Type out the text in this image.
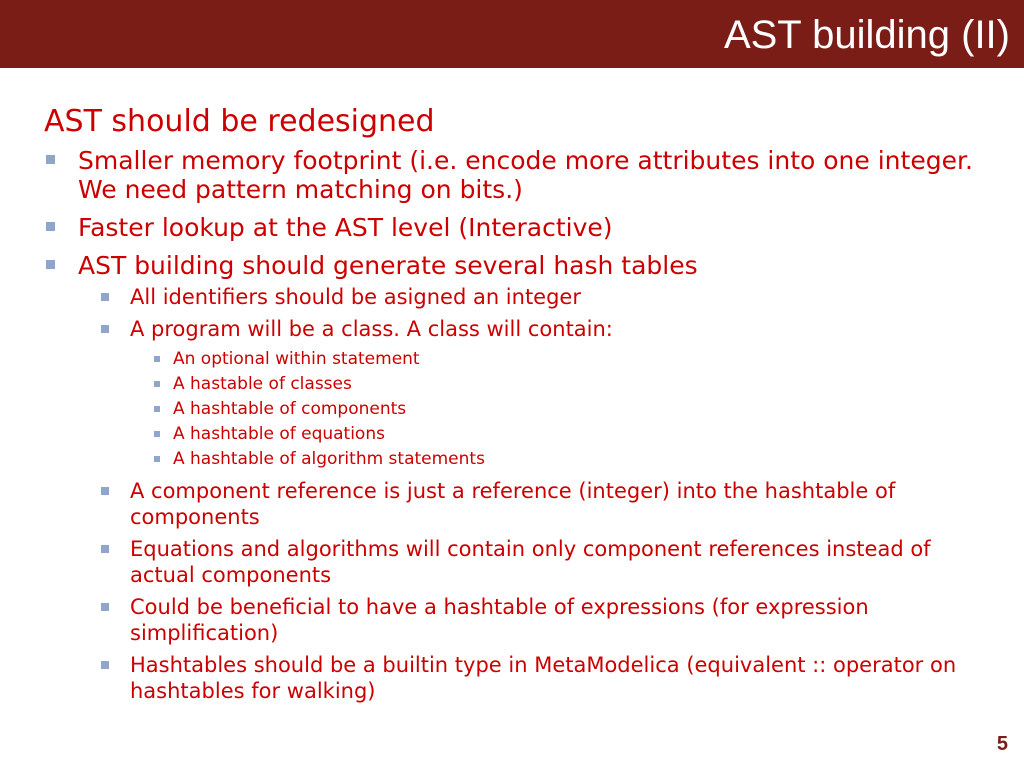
AST building (II)
AST should be redesigned
Smaller memory footprint (i.e. encode more attributes into one integer. We need pattern matching on bits.)
Faster lookup at the AST level (Interactive)
AST building should generate several hash tables
All identifiers should be asigned an integer
A program will be a class. A class will contain:
An optional within statement
A hastable of classes
A hashtable of components
A hashtable of equations
A hashtable of algorithm statements
A component reference is just a reference (integer) into the hashtable of components
Equations and algorithms will contain only component references instead of actual components
Could be beneficial to have a hashtable of expressions (for expression simplification)
Hashtables should be a builtin type in MetaModelica (equivalent :: operator on hashtables for walking)
5
